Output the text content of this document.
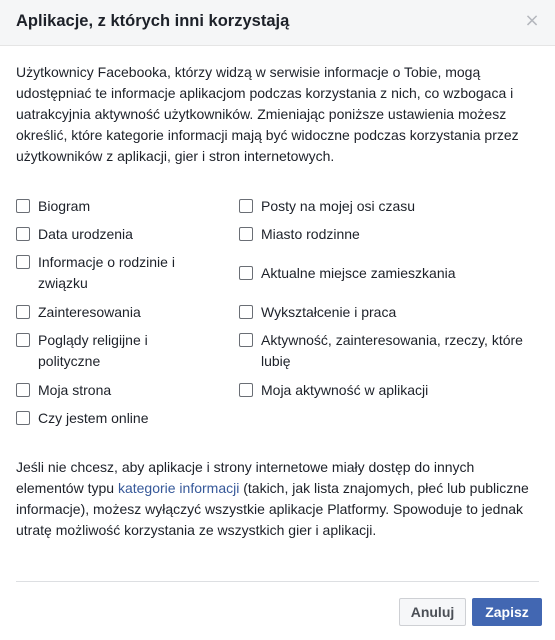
Aplikacje, z których inni korzystają	×

Użytkownicy Facebooka, którzy widzą w serwisie informacje o Tobie, mogą udostępniać te informacje aplikacjom podczas korzystania z nich, co wzbogaca i uatrakcyjnia aktywność użytkowników. Zmieniając poniższe ustawienia możesz określić, które kategorie informacji mają być widoczne podczas korzystania przez użytkowników z aplikacji, gier i stron internetowych.

Biogram
Data urodzenia
Informacje o rodzinie i związku
Zainteresowania
Poglądy religijne i polityczne
Moja strona
Czy jestem online
Posty na mojej osi czasu
Miasto rodzinne
Aktualne miejsce zamieszkania
Wykształcenie i praca
Aktywność, zainteresowania, rzeczy, które lubię
Moja aktywność w aplikacji

Jeśli nie chcesz, aby aplikacje i strony internetowe miały dostęp do innych elementów typu kategorie informacji (takich, jak lista znajomych, płeć lub publiczne informacje), możesz wyłączyć wszystkie aplikacje Platformy. Spowoduje to jednak utratę możliwość korzystania ze wszystkich gier i aplikacji.

Anuluj	Zapisz
